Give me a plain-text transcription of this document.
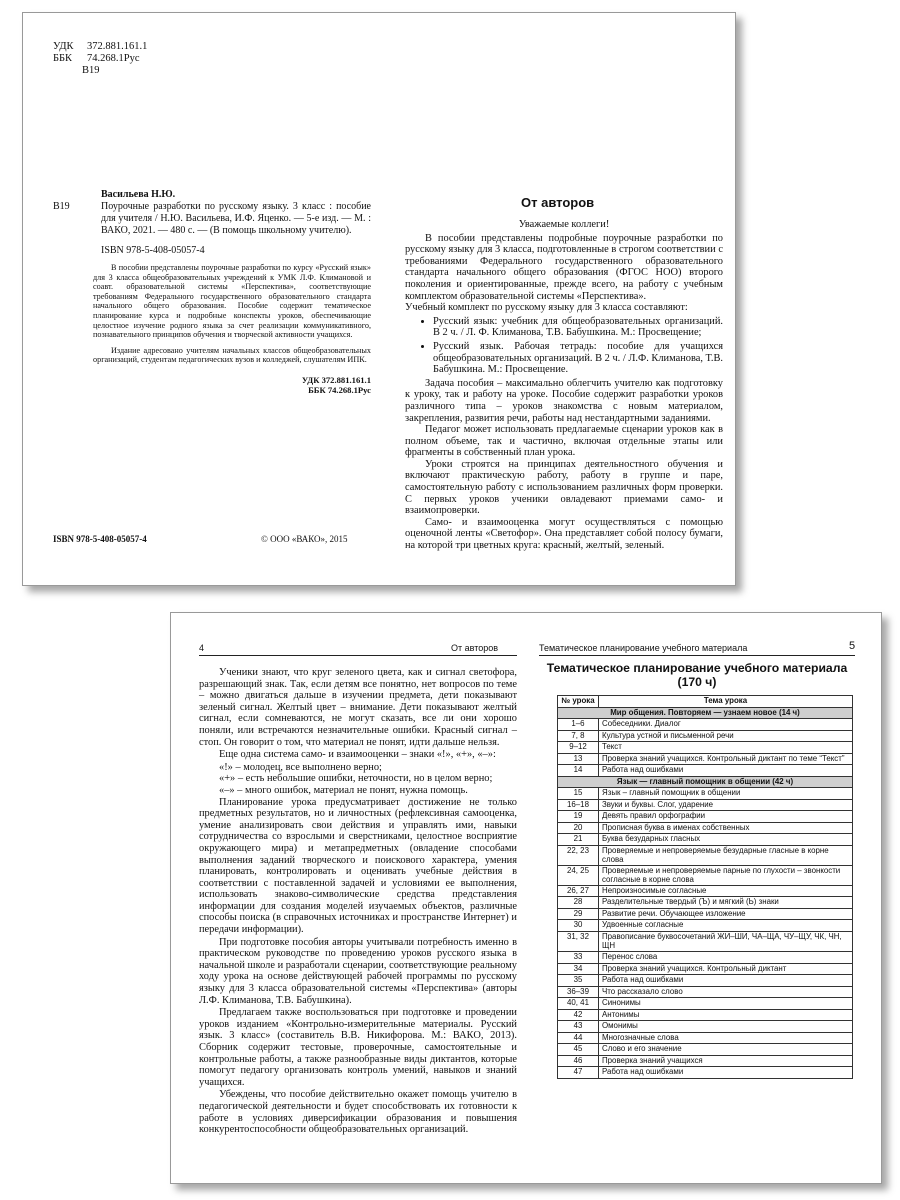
УДК 372.881.161.1
ББК 74.268.1Рус
В19
Васильева Н.Ю.
В19	Поурочные разработки по русскому языку. 3 класс : пособие для учителя / Н.Ю. Васильева, И.Ф. Яценко. — 5-е изд. — М. : ВАКО, 2021. — 480 с. — (В помощь школьному учителю).
ISBN 978-5-408-05057-4

В пособии представлены поурочные разработки по курсу «Русский язык» для 3 класса общеобразовательных учреждений к УМК Л.Ф. Климановой и соавт. образовательной системы «Перспектива», соответствующие требованиям Федерального государственного образовательного стандарта начального общего образования. Пособие содержит тематическое планирование курса и подробные конспекты уроков, обеспечивающие целостное изучение родного языка за счет реализации коммуникативного, познавательного принципов обучения и творческой активности учащихся.

Издание адресовано учителям начальных классов общеобразовательных организаций, студентам педагогических вузов и колледжей, слушателям ИПК.

УДК 372.881.161.1
ББК 74.268.1Рус
ISBN 978-5-408-05057-4	© ООО «ВАКО», 2015
От авторов
Уважаемые коллеги!

В пособии представлены подробные поурочные разработки по русскому языку для 3 класса, подготовленные в строгом соответствии с требованиями Федерального государственного образовательного стандарта начального общего образования (ФГОС НОО) второго поколения и ориентированные, прежде всего, на работу с учебным комплектом образовательной системы «Перспектива».

Учебный комплект по русскому языку для 3 класса составляют:

• Русский язык: учебник для общеобразовательных организаций. В 2 ч. / Л. Ф. Климанова, Т.В. Бабушкина. М.: Просвещение;
• Русский язык. Рабочая тетрадь: пособие для учащихся общеобразовательных организаций. В 2 ч. / Л.Ф. Климанова, Т.В. Бабушкина. М.: Просвещение.

Задача пособия – максимально облегчить учителю как подготовку к уроку, так и работу на уроке. Пособие содержит разработки уроков различного типа – уроков знакомства с новым материалом, закрепления, развития речи, работы над нестандартными заданиями.

Педагог может использовать предлагаемые сценарии уроков как в полном объеме, так и частично, включая отдельные этапы или фрагменты в собственный план урока.

Уроки строятся на принципах деятельностного обучения и включают практическую работу, работу в группе и паре, самостоятельную работу с использованием различных форм проверки. С первых уроков ученики овладевают приемами само- и взаимопроверки.

Само- и взаимооценка могут осуществляться с помощью оценочной ленты «Светофор». Она представляет собой полосу бумаги, на которой три цветных круга: красный, желтый, зеленый.

4	От авторов	Тематическое планирование учебного материала	5

Ученики знают, что круг зеленого цвета, как и сигнал светофора, разрешающий знак. Так, если детям все понятно, нет вопросов по теме – можно двигаться дальше в изучении предмета, дети показывают зеленый сигнал. Желтый цвет – внимание. Дети показывают желтый сигнал, если сомневаются, не могут сказать, все ли они хорошо поняли, или встречаются незначительные ошибки. Красный сигнал – стоп. Он говорит о том, что материал не понят, идти дальше нельзя.

Еще одна система само- и взаимооценки – знаки «!», «+», «–»:

«!» – молодец, все выполнено верно;

«+» – есть небольшие ошибки, неточности, но в целом верно;

«–» – много ошибок, материал не понят, нужна помощь.

Планирование урока предусматривает достижение не только предметных результатов, но и личностных (рефлексивная самооценка, умение анализировать свои действия и управлять ими, навыки сотрудничества со взрослыми и сверстниками, целостное восприятие окружающего мира) и метапредметных (овладение способами выполнения заданий творческого и поискового характера, умения планировать, контролировать и оценивать учебные действия в соответствии с поставленной задачей и условиями ее выполнения, использовать знаково-символические средства представления информации для создания моделей изучаемых объектов, различные способы поиска (в справочных источниках и пространстве Интернет) и передачи информации).

При подготовке пособия авторы учитывали потребность именно в практическом руководстве по проведению уроков русского языка в начальной школе и разработали сценарии, соответствующие реальному ходу урока на основе действующей рабочей программы по русскому языку для 3 класса образовательной системы «Перспектива» (авторы Л.Ф. Климанова, Т.В. Бабушкина).

Предлагаем также воспользоваться при подготовке и проведении уроков изданием «Контрольно-измерительные материалы. Русский язык. 3 класс» (составитель В.В. Никифорова. М.: ВАКО, 2013). Сборник содержит тестовые, проверочные, самостоятельные и контрольные работы, а также разнообразные виды диктантов, которые помогут педагогу организовать контроль умений, навыков и знаний учащихся.

Убеждены, что пособие действительно окажет помощь учителю в педагогической деятельности и будет способствовать их готовности к работе в условиях диверсификации образования и повышения конкурентоспособности общеобразовательных организаций.

Тематическое планирование учебного материала (170 ч)
№ урока	Тема урока
Мир общения. Повторяем — узнаем новое (14 ч)	
1–6	Собеседники. Диалог
7, 8	Культура устной и письменной речи
9–12	Текст
13	Проверка знаний учащихся. Контрольный диктант по теме “Текст”
14	Работа над ошибками
Язык — главный помощник в общении (42 ч)	
15	Язык – главный помощник в общении
16–18	Звуки и буквы. Слог, ударение
19	Девять правил орфографии
20	Прописная буква в именах собственных
21	Буква безударных гласных
22, 23	Проверяемые и непроверяемые безударные гласные в корне слова
24, 25	Проверяемые и непроверяемые парные по глухости – звонкости согласные в корне слова
26, 27	Непроизносимые согласные
28	Разделительные твердый (Ъ) и мягкий (Ь) знаки
29	Развитие речи. Обучающее изложение
30	Удвоенные согласные
31, 32	Правописание буквосочетаний ЖИ–ШИ, ЧА–ЩА, ЧУ–ЩУ, ЧК, ЧН, ЩН
33	Перенос слова
34	Проверка знаний учащихся. Контрольный диктант
35	Работа над ошибками
36–39	Что рассказало слово
40, 41	Синонимы
42	Антонимы
43	Омонимы
44	Многозначные слова
45	Слово и его значение
46	Проверка знаний учащихся
47	Работа над ошибками
